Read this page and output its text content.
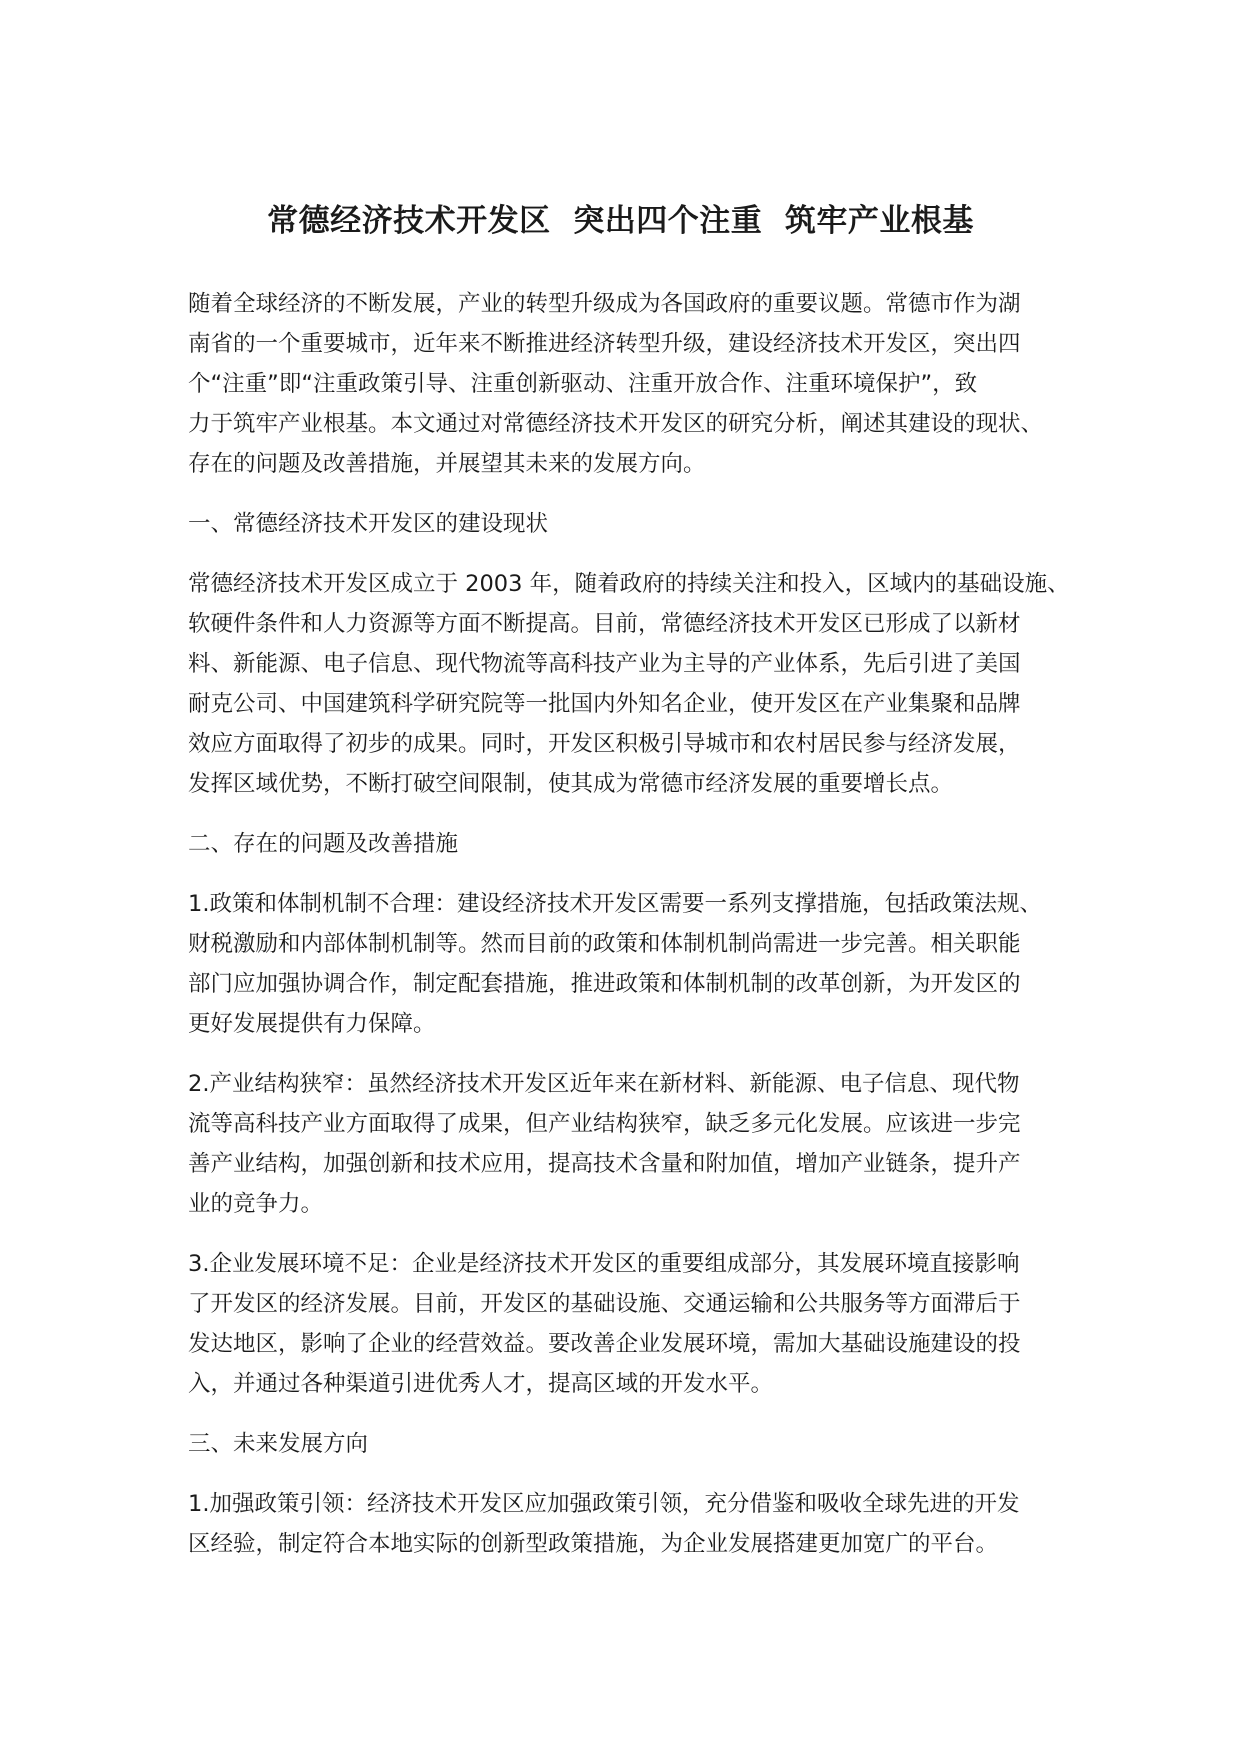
常德经济技术开发区  突出四个注重  筑牢产业根基

随着全球经济的不断发展，产业的转型升级成为各国政府的重要议题。常德市作为湖
南省的一个重要城市，近年来不断推进经济转型升级，建设经济技术开发区，突出四
个“注重”即“注重政策引导、注重创新驱动、注重开放合作、注重环境保护”，致
力于筑牢产业根基。本文通过对常德经济技术开发区的研究分析，阐述其建设的现状、
存在的问题及改善措施，并展望其未来的发展方向。

一、常德经济技术开发区的建设现状

常德经济技术开发区成立于 2003 年，随着政府的持续关注和投入，区域内的基础设施、
软硬件条件和人力资源等方面不断提高。目前，常德经济技术开发区已形成了以新材
料、新能源、电子信息、现代物流等高科技产业为主导的产业体系，先后引进了美国
耐克公司、中国建筑科学研究院等一批国内外知名企业，使开发区在产业集聚和品牌
效应方面取得了初步的成果。同时，开发区积极引导城市和农村居民参与经济发展，
发挥区域优势，不断打破空间限制，使其成为常德市经济发展的重要增长点。

二、存在的问题及改善措施

1.政策和体制机制不合理：建设经济技术开发区需要一系列支撑措施，包括政策法规、
财税激励和内部体制机制等。然而目前的政策和体制机制尚需进一步完善。相关职能
部门应加强协调合作，制定配套措施，推进政策和体制机制的改革创新，为开发区的
更好发展提供有力保障。

2.产业结构狭窄：虽然经济技术开发区近年来在新材料、新能源、电子信息、现代物
流等高科技产业方面取得了成果，但产业结构狭窄，缺乏多元化发展。应该进一步完
善产业结构，加强创新和技术应用，提高技术含量和附加值，增加产业链条，提升产
业的竞争力。

3.企业发展环境不足：企业是经济技术开发区的重要组成部分，其发展环境直接影响
了开发区的经济发展。目前，开发区的基础设施、交通运输和公共服务等方面滞后于
发达地区，影响了企业的经营效益。要改善企业发展环境，需加大基础设施建设的投
入，并通过各种渠道引进优秀人才，提高区域的开发水平。

三、未来发展方向

1.加强政策引领：经济技术开发区应加强政策引领，充分借鉴和吸收全球先进的开发
区经验，制定符合本地实际的创新型政策措施，为企业发展搭建更加宽广的平台。
